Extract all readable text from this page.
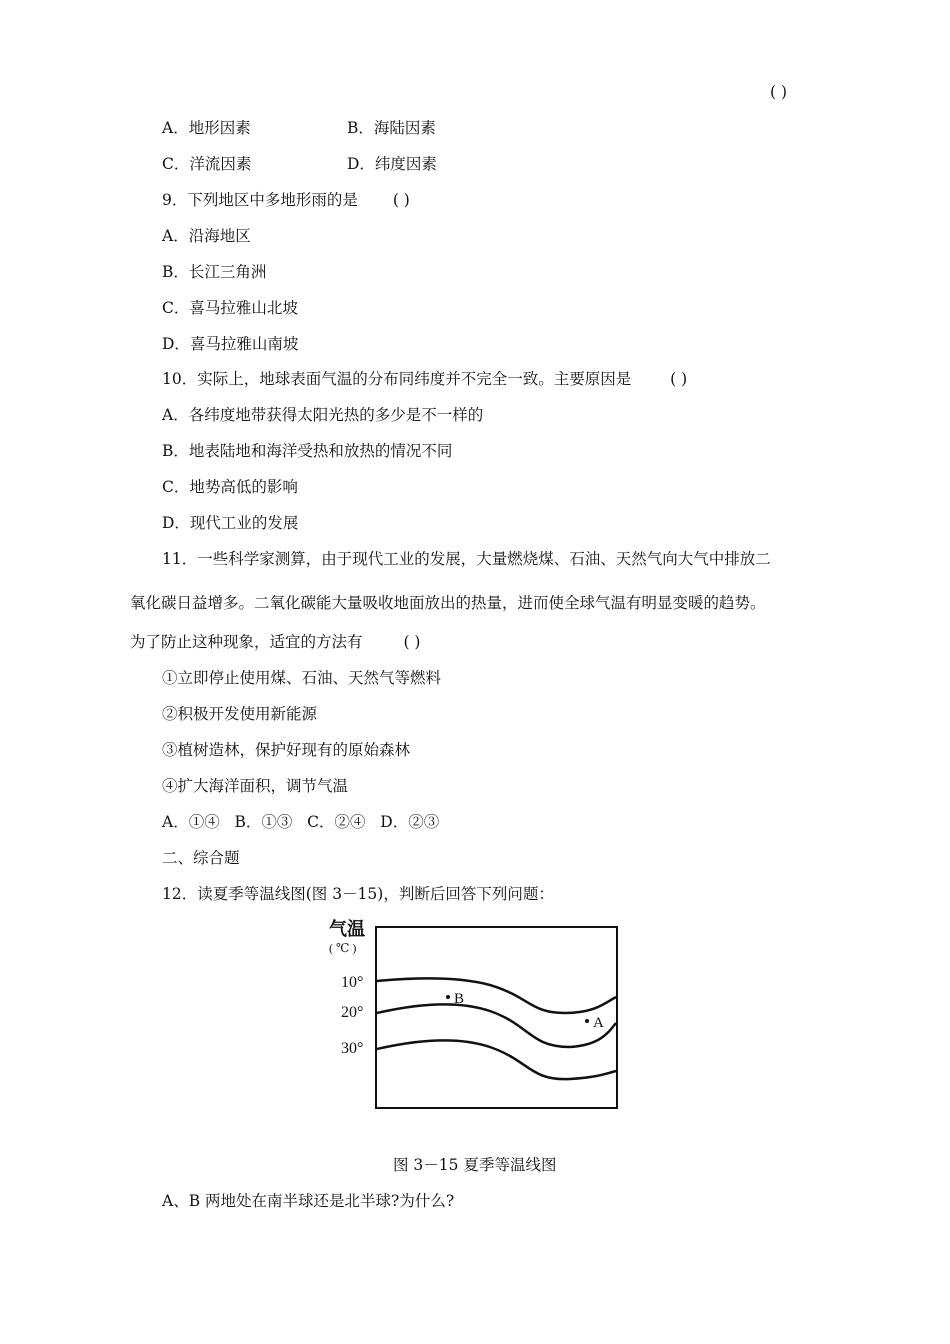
( )
A．地形因素	B．海陆因素
C．洋流因素	D．纬度因素
9．下列地区中多地形雨的是 ( )
A．沿海地区
B．长江三角洲
C．喜马拉雅山北坡
D．喜马拉雅山南坡
10．实际上，地球表面气温的分布同纬度并不完全一致。主要原因是	( )
A．各纬度地带获得太阳光热的多少是不一样的
B．地表陆地和海洋受热和放热的情况不同
C．地势高低的影响
D．现代工业的发展
11．一些科学家测算，由于现代工业的发展，大量燃烧煤、石油、天然气向大气中排放二
氧化碳日益增多。二氧化碳能大量吸收地面放出的热量，进而使全球气温有明显变暖的趋势。
为了防止这种现象，适宜的方法有	( )
①立即停止使用煤、石油、天然气等燃料
②积极开发使用新能源
③植树造林，保护好现有的原始森林
④扩大海洋面积，调节气温
A．①④   B．①③   C．②④   D．②③
二、综合题
12．读夏季等温线图(图 3－15)，判断后回答下列问题：
气温
( ℃ )
10°
20°
30°
B
A
图 3－15 夏季等温线图
A、B 两地处在南半球还是北半球?为什么?
